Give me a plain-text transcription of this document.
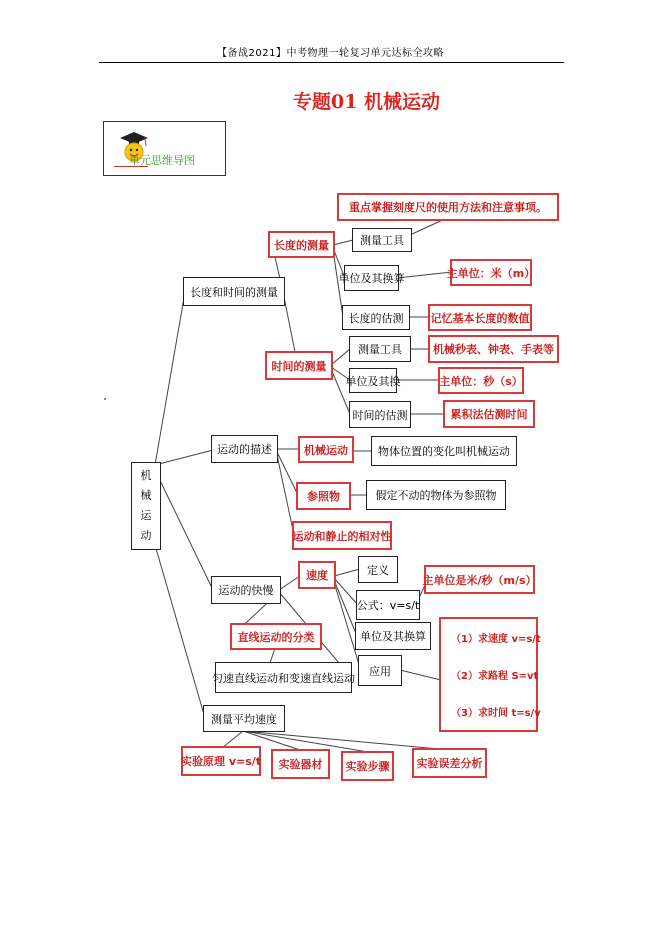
【备战2021】中考物理一轮复习单元达标全攻略
专题01 机械运动
单元思维导图
机械运动
长度和时间的测量
长度的测量	测量工具
重点掌握刻度尺的使用方法和注意事项。
单位及其换算	主单位：米（m）
长度的估测	记忆基本长度的数值
时间的测量
测量工具	机械秒表、钟表、手表等
单位及其换	主单位：秒（s）
时间的估测	累积法估测时间
运动的描述	机械运动	物体位置的变化叫机械运动
参照物	假定不动的物体为参照物
运动和静止的相对性
运动的快慢
速度	定义
公式：v=s/t
主单位是米/秒（m/s）
单位及其换算
应用
（1）求速度 v=s/t
（2）求路程 S=vt
（3）求时间 t=s/v
直线运动的分类
匀速直线运动和变速直线运动
测量平均速度
实验原理 v=s/t	实验器材	实验步骤	实验误差分析
